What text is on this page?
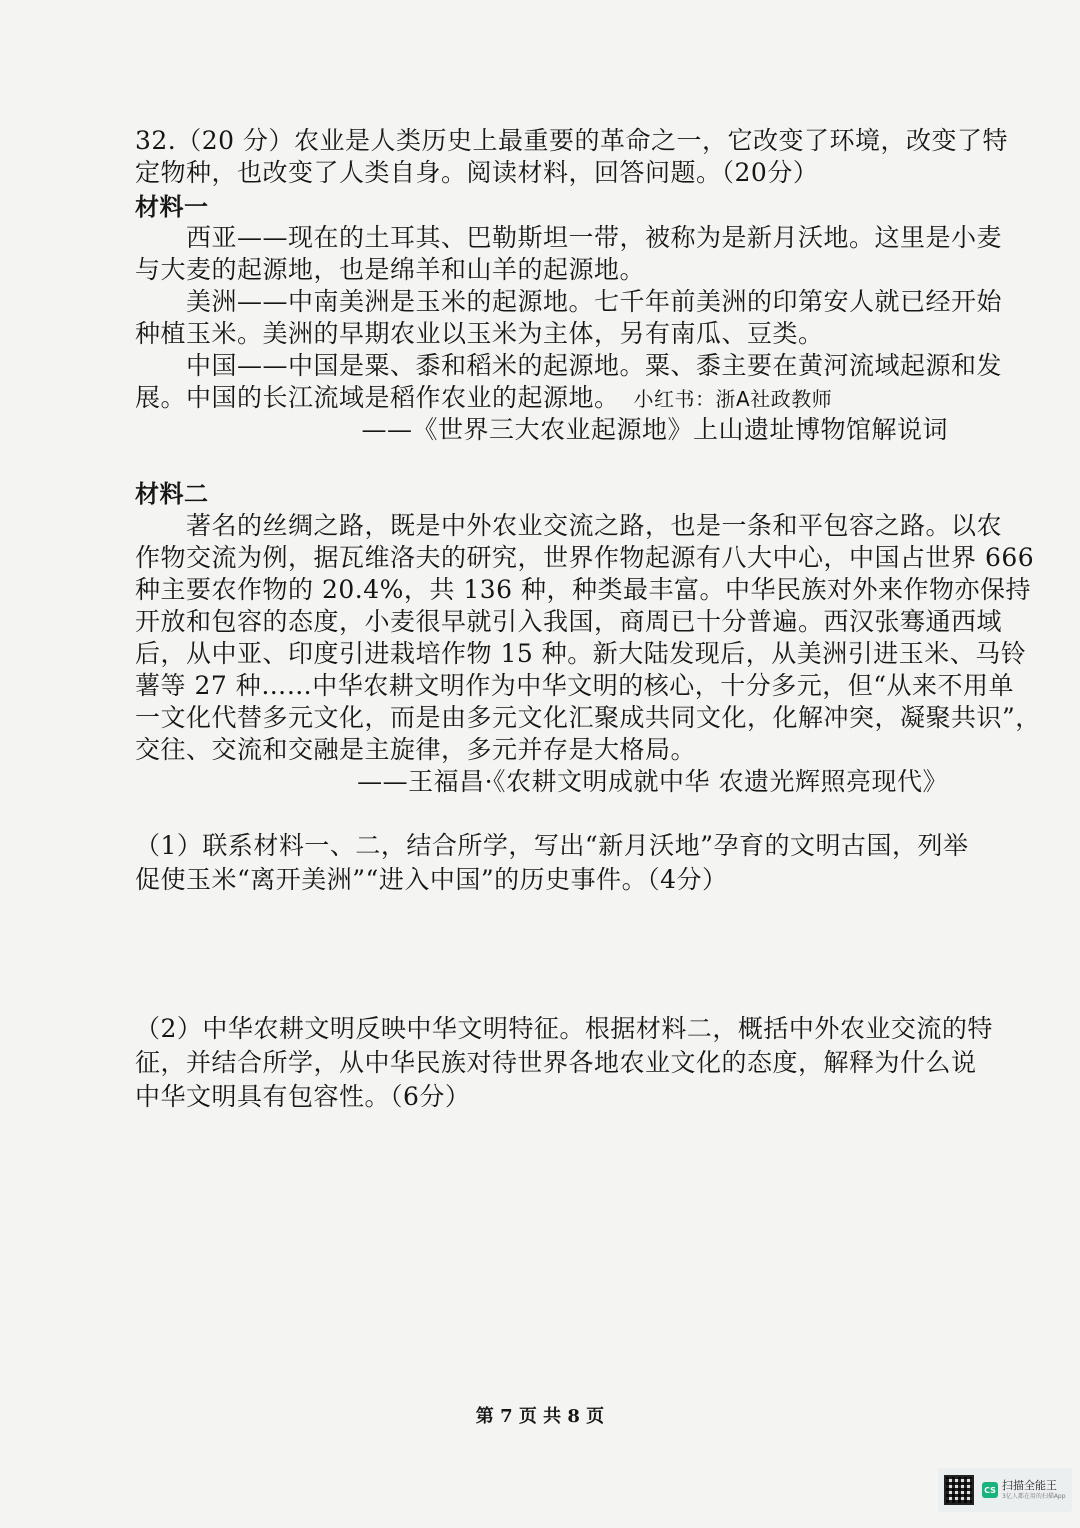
32.（20 分）农业是人类历史上最重要的革命之一，它改变了环境，改变了特
定物种，也改变了人类自身。阅读材料，回答问题。（20分）
材料一
西亚——现在的土耳其、巴勒斯坦一带，被称为是新月沃地。这里是小麦
与大麦的起源地，也是绵羊和山羊的起源地。
美洲——中南美洲是玉米的起源地。七千年前美洲的印第安人就已经开始
种植玉米。美洲的早期农业以玉米为主体，另有南瓜、豆类。
中国——中国是粟、黍和稻米的起源地。粟、黍主要在黄河流域起源和发
展。中国的长江流域是稻作农业的起源地。 小红书：浙A社政教师
——《世界三大农业起源地》上山遗址博物馆解说词
材料二
著名的丝绸之路，既是中外农业交流之路，也是一条和平包容之路。以农
作物交流为例，据瓦维洛夫的研究，世界作物起源有八大中心，中国占世界 666
种主要农作物的 20.4%，共 136 种，种类最丰富。中华民族对外来作物亦保持
开放和包容的态度，小麦很早就引入我国，商周已十分普遍。西汉张骞通西域
后，从中亚、印度引进栽培作物 15 种。新大陆发现后，从美洲引进玉米、马铃
薯等 27 种……中华农耕文明作为中华文明的核心，十分多元，但“从来不用单
一文化代替多元文化，而是由多元文化汇聚成共同文化，化解冲突，凝聚共识”，
交往、交流和交融是主旋律，多元并存是大格局。
——王福昌·《农耕文明成就中华 农遗光辉照亮现代》
（1）联系材料一、二，结合所学，写出“新月沃地”孕育的文明古国，列举
促使玉米“离开美洲”“进入中国”的历史事件。（4分）
（2）中华农耕文明反映中华文明特征。根据材料二，概括中外农业交流的特
征，并结合所学，从中华民族对待世界各地农业文化的态度，解释为什么说
中华文明具有包容性。（6分）
第 7 页 共 8 页
CS 扫描全能王
3亿人都在用的扫描App
